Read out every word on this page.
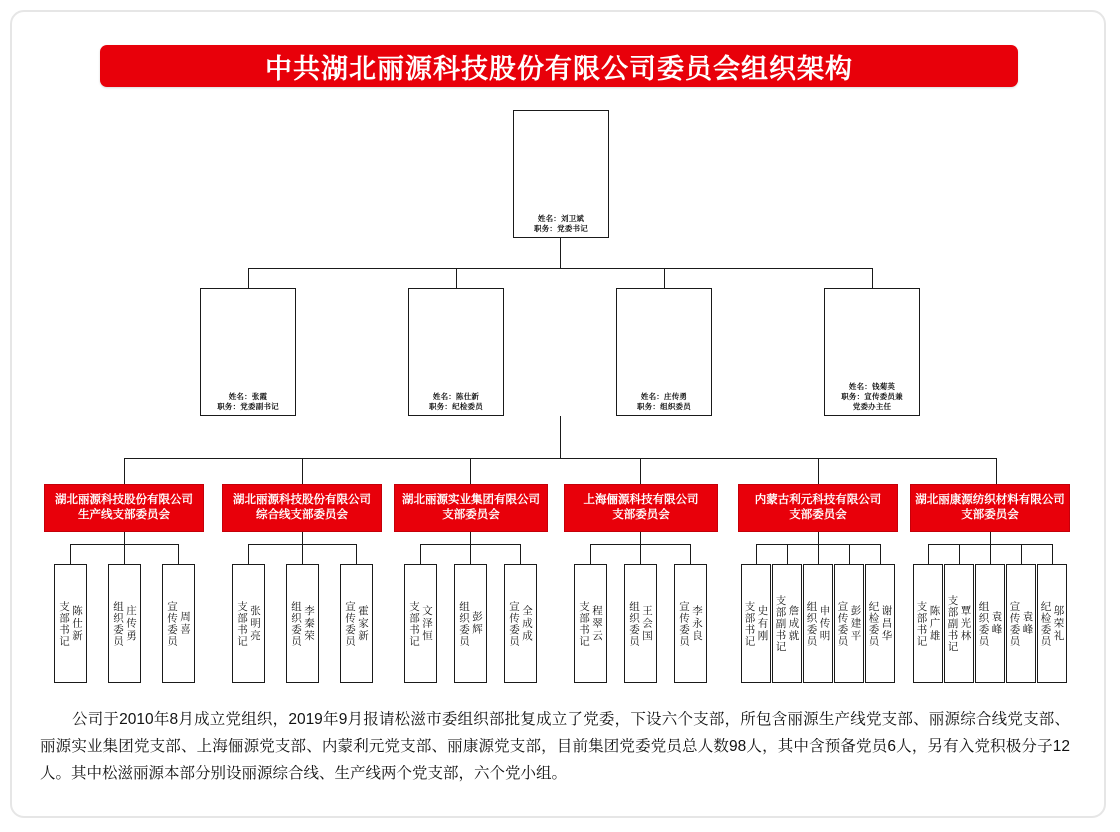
中共湖北丽源科技股份有限公司委员会组织架构
姓名：刘卫斌
职务：党委书记
姓名：张霞
职务：党委副书记
姓名：陈仕新
职务：纪检委员
姓名：庄传勇
职务：组织委员
姓名：钱菊英
职务：宣传委员兼
党委办主任
湖北丽源科技股份有限公司
生产线支部委员会
支部书记 陈仕新	组织委员 庄传勇	宣传委员 周喜
湖北丽源科技股份有限公司
综合线支部委员会
支部书记 张明亮	组织委员 李秦荣	宣传委员 霍家新
湖北丽源实业集团有限公司
支部委员会
支部书记 文泽恒 组织委员 彭辉 宣传委员 全成成
上海俪源科技有限公司
支部委员会
支部书记 程翠云 组织委员 王会国 宣传委员 李永良
内蒙古利元科技有限公司
支部委员会
支部书记 史有刚 支部副书记 詹成就 组织委员 申传明 宣传委员 彭建平 纪检委员 谢昌华
湖北丽康源纺织材料有限公司
支部委员会
支部书记 陈广雄 支部副书记 覃光林 组织委员 袁峰 宣传委员 袁峰 纪检委员 邬荣礼
公司于2010年8月成立党组织，2019年9月报请松滋市委组织部批复成立了党委，下设六个支部，所包含丽源生产线党支部、丽源综合线党支部、丽源实业集团党支部、上海俪源党支部、内蒙利元党支部、丽康源党支部，目前集团党委党员总人数98人，其中含预备党员6人，另有入党积极分子12人。其中松滋丽源本部分别设丽源综合线、生产线两个党支部，六个党小组。
